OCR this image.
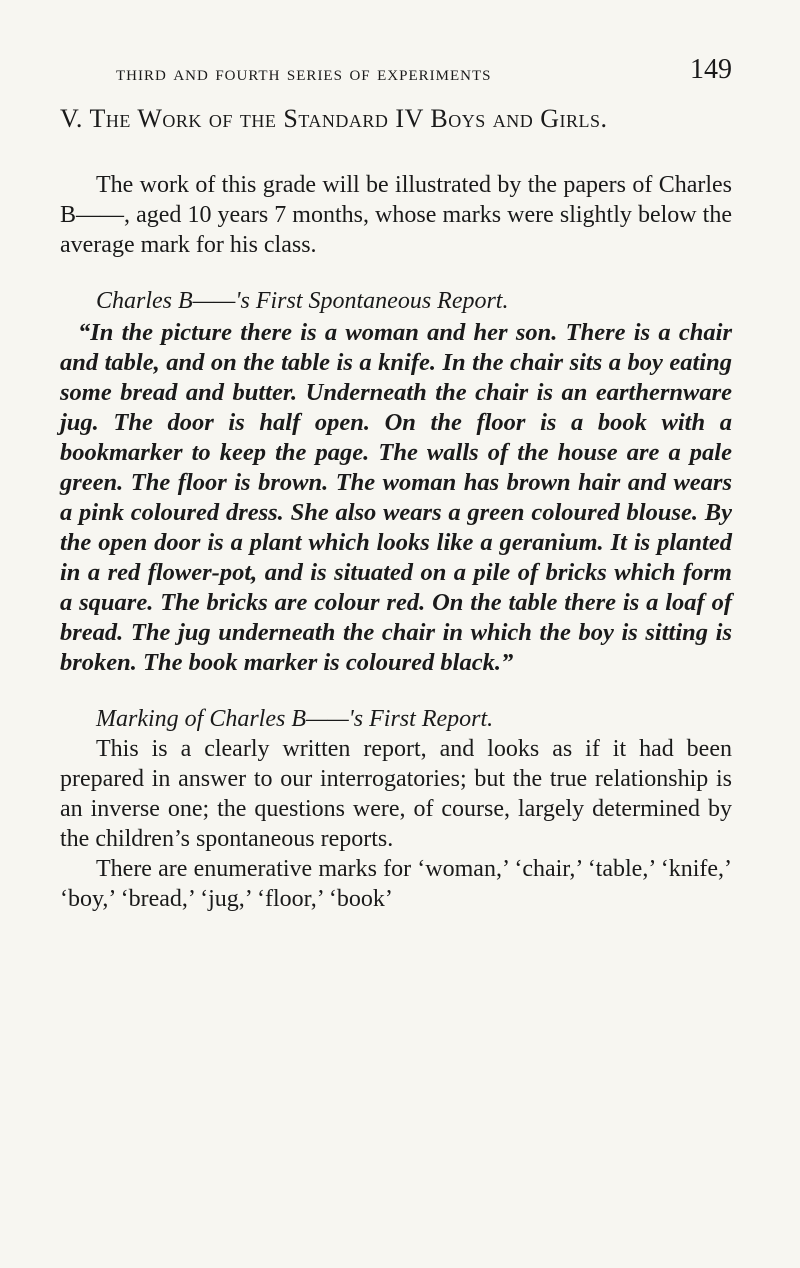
third and fourth series of experiments	149
V. The Work of the Standard IV Boys and Girls.

The work of this grade will be illustrated by the papers of Charles B——, aged 10 years 7 months, whose marks were slightly below the average mark for his class.

Charles B——'s First Spontaneous Report.

“In the picture there is a woman and her son. There is a chair and table, and on the table is a knife. In the chair sits a boy eating some bread and butter. Underneath the chair is an earthernware jug. The door is half open. On the floor is a book with a bookmarker to keep the page. The walls of the house are a pale green. The floor is brown. The woman has brown hair and wears a pink coloured dress. She also wears a green coloured blouse. By the open door is a plant which looks like a geranium. It is planted in a red flower-pot, and is situated on a pile of bricks which form a square. The bricks are colour red. On the table there is a loaf of bread. The jug underneath the chair in which the boy is sitting is broken. The book marker is coloured black.”

Marking of Charles B——'s First Report.

This is a clearly written report, and looks as if it had been prepared in answer to our interrogatories; but the true relationship is an inverse one; the questions were, of course, largely determined by the children’s spontaneous reports.

There are enumerative marks for ‘woman,’ ‘chair,’ ‘table,’ ‘knife,’ ‘boy,’ ‘bread,’ ‘jug,’ ‘floor,’ ‘book’
